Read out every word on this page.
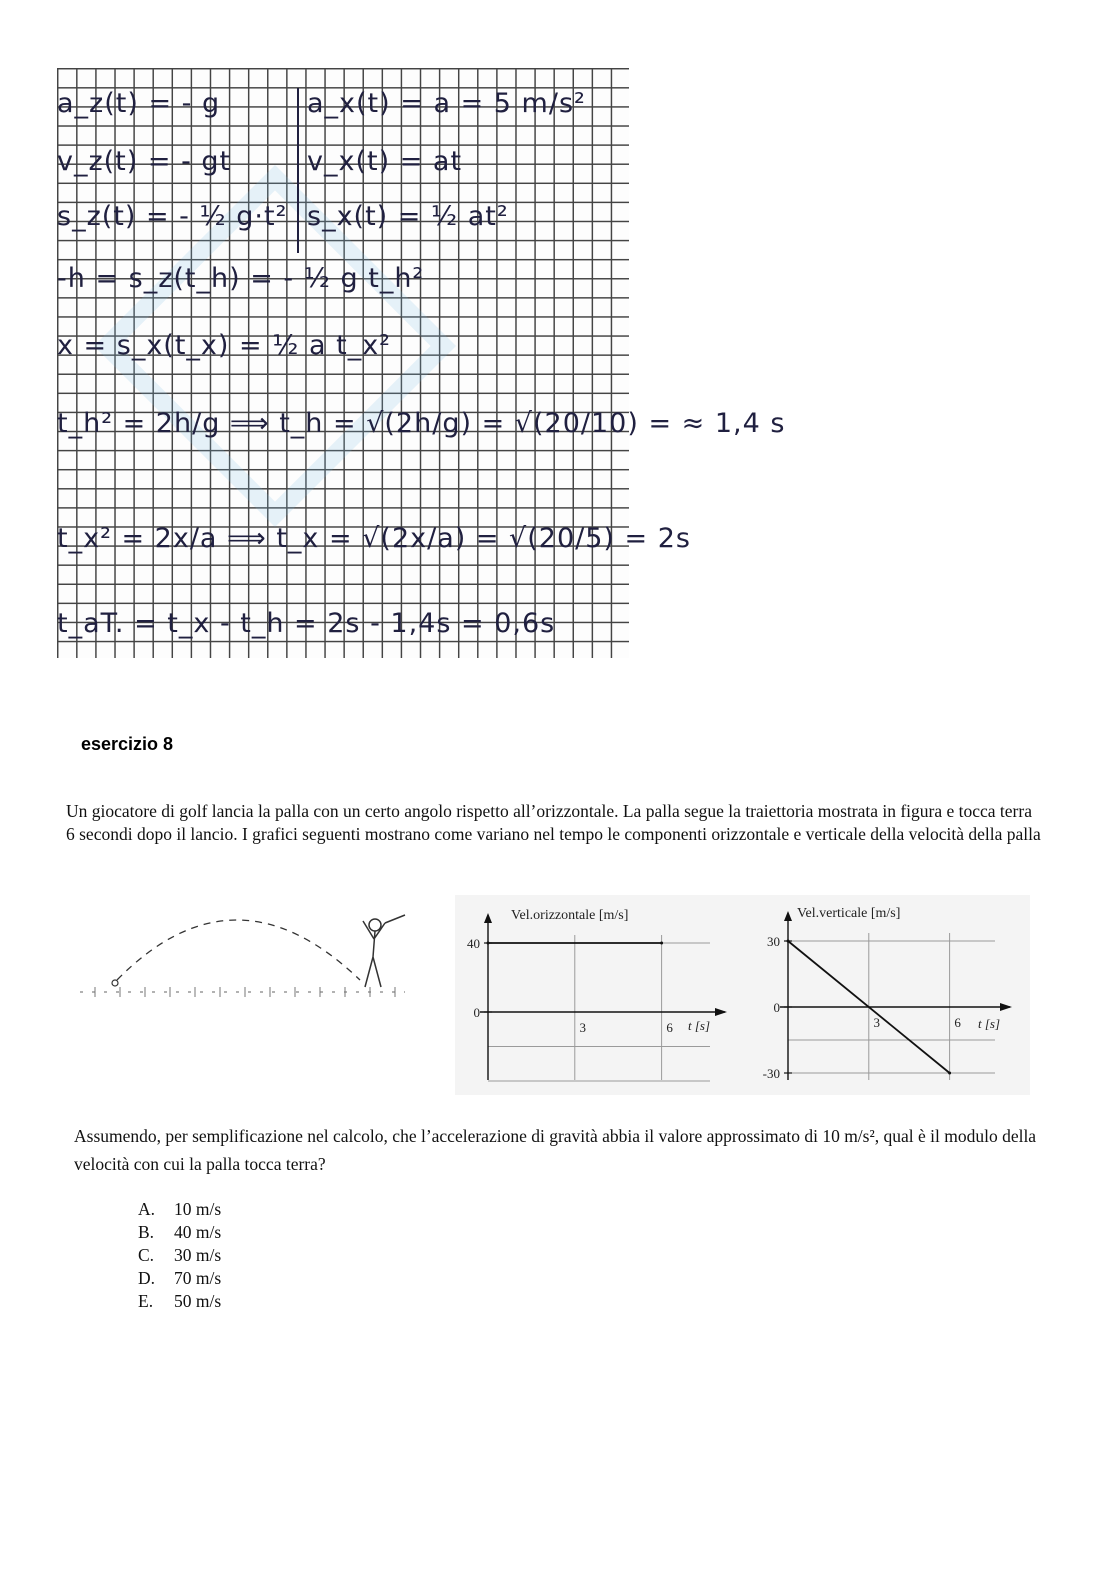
a_z(t) = - g
v_z(t) = - gt
s_z(t) = - ½ g·t²
a_x(t) = a = 5 m/s²
v_x(t) = at
s_x(t) = ½ at²
-h = s_z(t_h) = - ½ g t_h²
x = s_x(t_x) = ½ a t_x²
t_h² = 2h/g ⟹ t_h = √(2h/g) = √(20/10) = ≈ 1,4 s
t_x² = 2x/a ⟹ t_x = √(2x/a) = √(20/5) = 2s
t_aT. = t_x - t_h = 2s - 1,4s = 0,6s
esercizio 8
Un giocatore di golf lancia la palla con un certo angolo rispetto all’orizzontale. La palla segue la traiettoria mostrata in figura e tocca terra 6 secondi dopo il lancio. I grafici seguenti mostrano come variano nel tempo le componenti orizzontale e verticale della velocità della palla
Vel.orizzontale [m/s]
t [s]
40
0
3	6
Vel.verticale [m/s]
t [s]
30
0
-30
3	6
Assumendo, per semplificazione nel calcolo, che l’accelerazione di gravità abbia il valore approssimato di 10 m/s², qual è il modulo della velocità con cui la palla tocca terra?
A.	10 m/s
B.	40 m/s
C.	30 m/s
D.	70 m/s
E.	50 m/s
